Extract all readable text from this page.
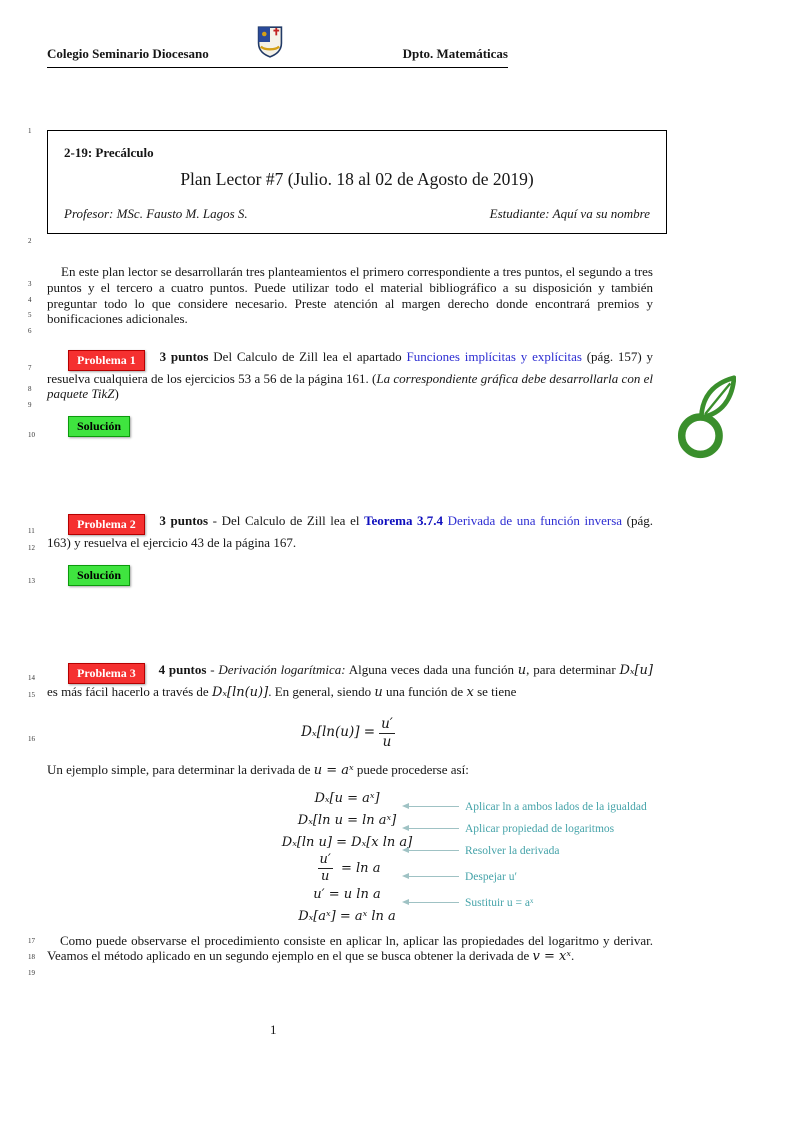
1
2
3
4
5
6
7
8
9
10
11
12
13
14
15
16
17
18
19
Colegio Seminario Diocesano	Dpto. Matemáticas
2-19: Precálculo
Plan Lector #7 (Julio. 18 al 02 de Agosto de 2019)
Profesor: MSc. Fausto M. Lagos S.	Estudiante: Aquí va su nombre

En este plan lector se desarrollarán tres planteamientos el primero correspondiente a tres puntos, el segundo a tres puntos y el tercero a cuatro puntos. Puede utilizar todo el material bibliográfico a su disposición y también preguntar todo lo que considere necesario. Preste atención al margen derecho donde encontrará premios y bonificaciones adicionales.

Problema 1 3 puntos Del Calculo de Zill lea el apartado Funciones implícitas y explícitas (pág. 157) y resuelva cualquiera de los ejercicios 53 a 56 de la página 161. (La correspondiente gráfica debe desarrollarla con el paquete TikZ)

Solución

Problema 2 3 puntos - Del Calculo de Zill lea el Teorema 3.7.4 Derivada de una función inversa (pág. 163) y resuelva el ejercicio 43 de la página 167.

Solución

Problema 3 4 puntos - Derivación logarítmica: Alguna veces dada una función u, para determinar Dₓ[u] es más fácil hacerlo a través de Dₓ[ln(u)]. En general, siendo u una función de x se tiene

$D_x[\ln(u)] = \frac{u'}{u}$

Un ejemplo simple, para determinar la derivada de u = aˣ puede procederse así:

Dₓ[u = aˣ]
Aplicar ln a ambos lados de la igualdad
Dₓ[ln u = ln aˣ]
Aplicar propiedad de logaritmos
Dₓ[ln u] = Dₓ[x ln a]
Resolver la derivada
$\frac{u'}{u} = \ln a$
Despejar u′
u′ = u ln a
Sustituir u = aˣ
Dₓ[aˣ] = aˣ ln a

Como puede observarse el procedimiento consiste en aplicar ln, aplicar las propiedades del logaritmo y derivar. Veamos el método aplicado en un segundo ejemplo en el que se busca obtener la derivada de v = xˣ.

1
